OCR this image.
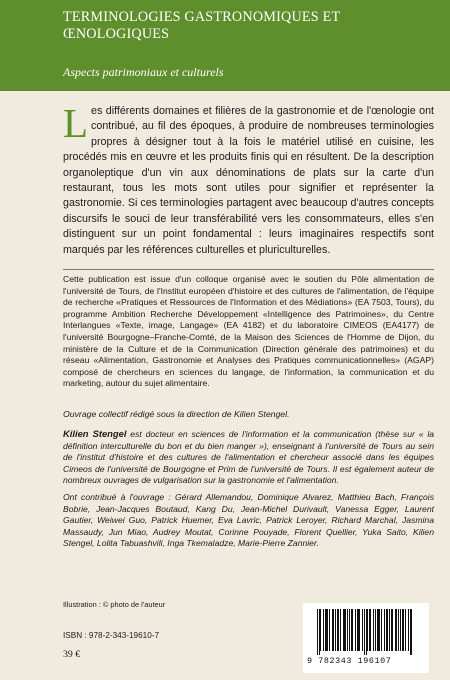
TERMINOLOGIES GASTRONOMIQUES ET ŒNOLOGIQUES
Aspects patrimoniaux et culturels

Les différents domaines et filières de la gastronomie et de l'œnologie ont contribué, au fil des époques, à produire de nombreuses terminologies propres à désigner tout à la fois le matériel utilisé en cuisine, les procédés mis en œuvre et les produits finis qui en résultent. De la description organoleptique d'un vin aux dénominations de plats sur la carte d'un restaurant, tous les mots sont utiles pour signifier et représenter la gastronomie. Si ces terminologies partagent avec beaucoup d'autres concepts discursifs le souci de leur transférabilité vers les consommateurs, elles s'en distinguent sur un point fondamental : leurs imaginaires respectifs sont marqués par les références culturelles et pluriculturelles.

Cette publication est issue d'un colloque organisé avec le soutien du Pôle alimentation de l'université de Tours, de l'Institut européen d'histoire et des cultures de l'alimentation, de l'équipe de recherche «Pratiques et Ressources de l'Information et des Médiations» (EA 7503, Tours), du programme Ambition Recherche Développement «Intelligence des Patrimoines», du Centre Interlangues «Texte, image, Langage» (EA 4182) et du laboratoire CIMEOS (EA4177) de l'université Bourgogne–Franche-Comté, de la Maison des Sciences de l'Homme de Dijon, du ministère de la Culture et de la Communication (Direction générale des patrimoines) et du réseau «Alimentation, Gastronomie et Analyses des Pratiques communicationnelles» (AGAP) composé de chercheurs en sciences du langage, de l'information, la communication et du marketing, autour du sujet alimentaire.

Ouvrage collectif rédigé sous la direction de Kilien Stengel.

Kilien Stengel est docteur en sciences de l'information et la communication (thèse sur « la définition interculturelle du bon et du bien manger »), enseignant à l'université de Tours au sein de l'institut d'histoire et des cultures de l'alimentation et chercheur associé dans les équipes Cimeos de l'université de Bourgogne et Prim de l'université de Tours. Il est également auteur de nombreux ouvrages de vulgarisation sur la gastronomie et l'alimentation.

Ont contribué à l'ouvrage : Gérard Allemandou, Dominique Alvarez, Matthieu Bach, François Bobrie, Jean-Jacques Boutaud, Kang Du, Jean-Michel Durivault, Vanessa Egger, Laurent Gautier, Weiwei Guo, Patrick Huemer, Eva Lavric, Patrick Leroyer, Richard Marchal, Jasmina Massaudy, Jun Miao, Audrey Moutat, Corinne Pouyade, Florent Quellier, Yuka Saito, Kilien Stengel, Lolita Tabuashvili, Inga Tkemaladze, Marie-Pierre Zannier.

Illustration : © photo de l'auteur
ISBN : 978-2-343-19610-7
39 €
9 782343 196107
